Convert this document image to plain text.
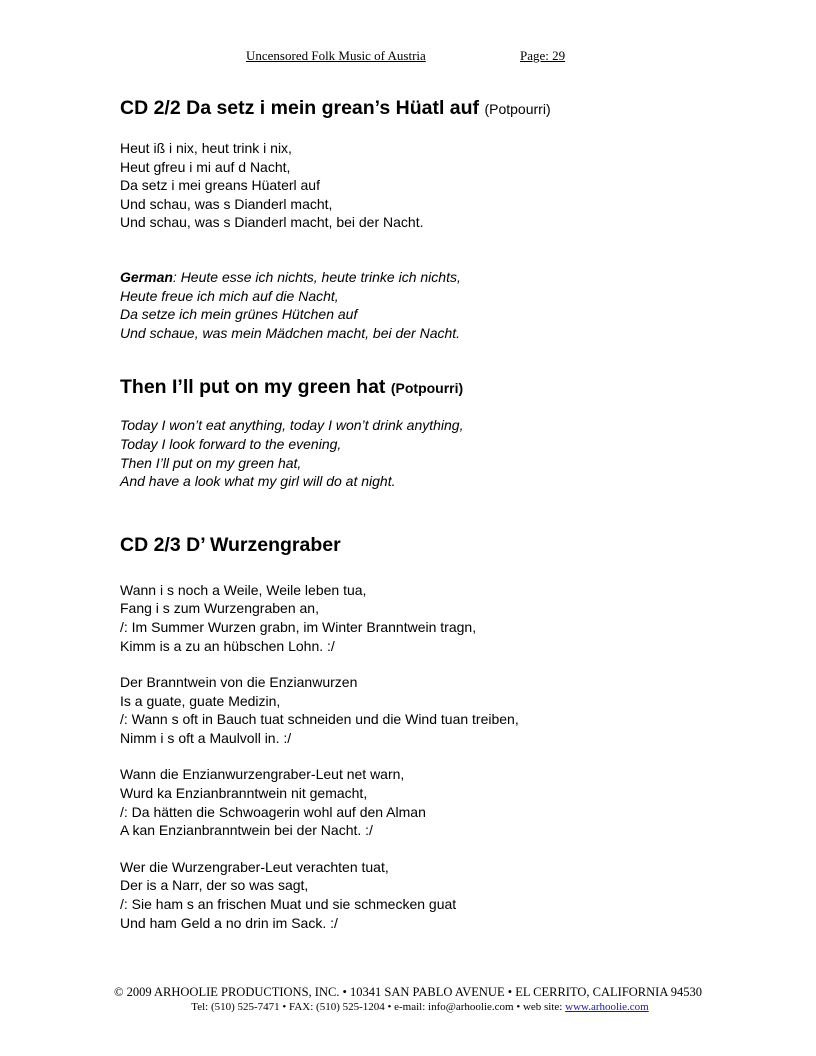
Uncensored Folk Music of Austria	Page: 29
CD 2/2 Da setz i mein grean’s Hüatl auf (Potpourri)

Heut iß i nix, heut trink i nix,
Heut gfreu i mi auf d Nacht,
Da setz i mei greans Hüaterl auf
Und schau, was s Dianderl macht,
Und schau, was s Dianderl macht, bei der Nacht.

German: Heute esse ich nichts, heute trinke ich nichts,
Heute freue ich mich auf die Nacht,
Da setze ich mein grünes Hütchen auf
Und schaue, was mein Mädchen macht, bei der Nacht.

Then I’ll put on my green hat (Potpourri)

Today I won’t eat anything, today I won’t drink anything,
Today I look forward to the evening,
Then I’ll put on my green hat,
And have a look what my girl will do at night.

CD 2/3 D’ Wurzengraber

Wann i s noch a Weile, Weile leben tua,
Fang i s zum Wurzengraben an,
/: Im Summer Wurzen grabn, im Winter Branntwein tragn,
Kimm is a zu an hübschen Lohn. :/

Der Branntwein von die Enzianwurzen
Is a guate, guate Medizin,
/: Wann s oft in Bauch tuat schneiden und die Wind tuan treiben,
Nimm i s oft a Maulvoll in. :/

Wann die Enzianwurzengraber-Leut net warn,
Wurd ka Enzianbranntwein nit gemacht,
/: Da hätten die Schwoagerin wohl auf den Alman
A kan Enzianbranntwein bei der Nacht. :/

Wer die Wurzengraber-Leut verachten tuat,
Der is a Narr, der so was sagt,
/: Sie ham s an frischen Muat und sie schmecken guat
Und ham Geld a no drin im Sack. :/

© 2009 ARHOOLIE PRODUCTIONS, INC. • 10341 SAN PABLO AVENUE • EL CERRITO, CALIFORNIA 94530
Tel: (510) 525-7471 • FAX: (510) 525-1204 • e-mail: info@arhoolie.com • web site: www.arhoolie.com
